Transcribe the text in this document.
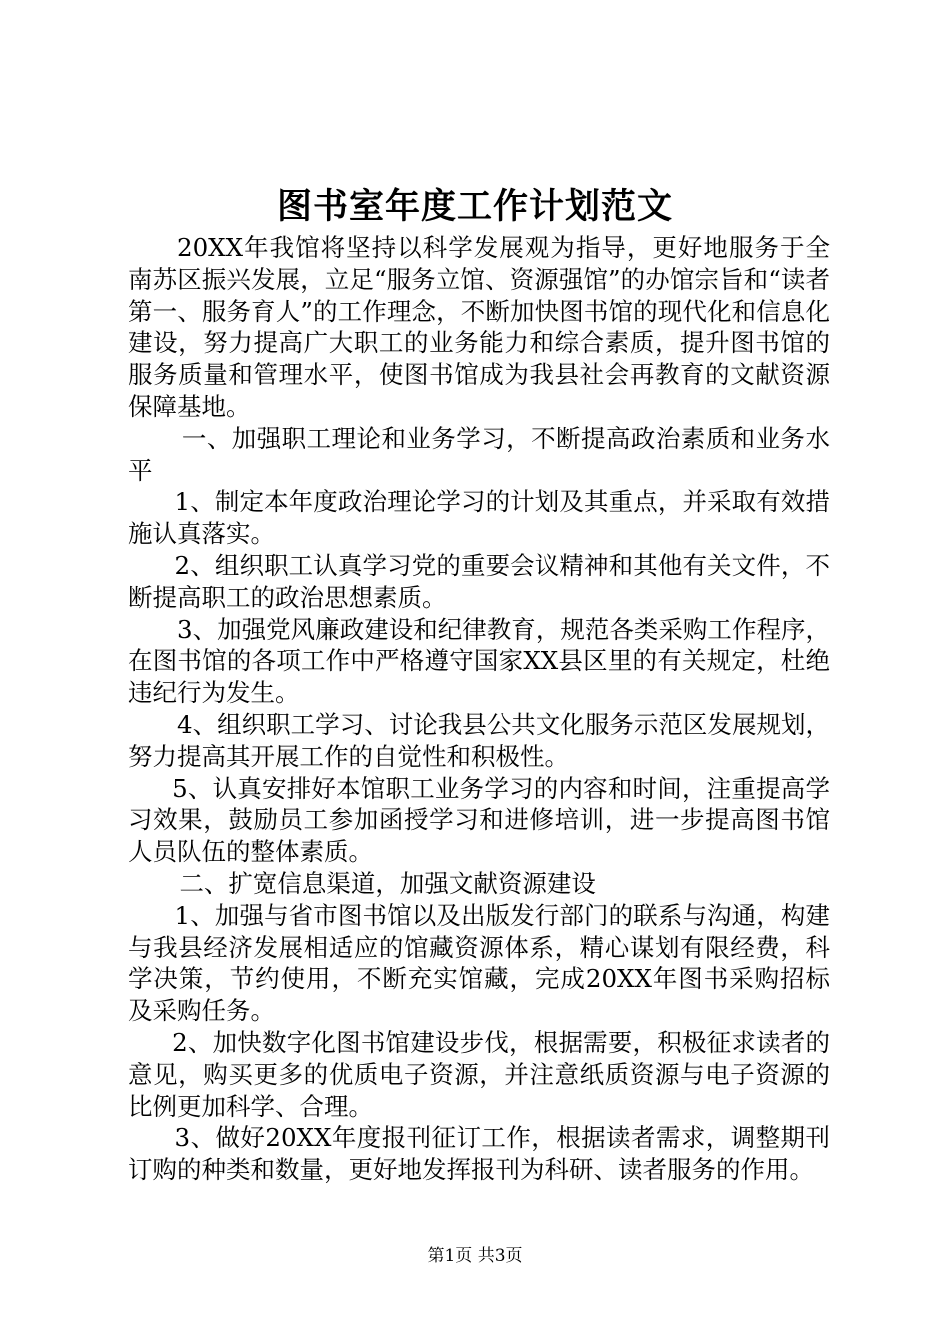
图书室年度工作计划范文

20XX年我馆将坚持以科学发展观为指导，更好地服务于全南苏区振兴发展，立足“服务立馆、资源强馆”的办馆宗旨和“读者第一、服务育人”的工作理念，不断加快图书馆的现代化和信息化建设，努力提高广大职工的业务能力和综合素质，提升图书馆的服务质量和管理水平，使图书馆成为我县社会再教育的文献资源保障基地。

一、加强职工理论和业务学习，不断提高政治素质和业务水平

1、制定本年度政治理论学习的计划及其重点，并采取有效措施认真落实。

2、组织职工认真学习党的重要会议精神和其他有关文件，不断提高职工的政治思想素质。

3、加强党风廉政建设和纪律教育，规范各类采购工作程序，在图书馆的各项工作中严格遵守国家XX县区里的有关规定，杜绝违纪行为发生。

4、组织职工学习、讨论我县公共文化服务示范区发展规划，努力提高其开展工作的自觉性和积极性。

5、认真安排好本馆职工业务学习的内容和时间，注重提高学习效果，鼓励员工参加函授学习和进修培训，进一步提高图书馆人员队伍的整体素质。

二、扩宽信息渠道，加强文献资源建设

1、加强与省市图书馆以及出版发行部门的联系与沟通，构建与我县经济发展相适应的馆藏资源体系，精心谋划有限经费，科学决策，节约使用，不断充实馆藏，完成20XX年图书采购招标及采购任务。

2、加快数字化图书馆建设步伐，根据需要，积极征求读者的意见，购买更多的优质电子资源，并注意纸质资源与电子资源的比例更加科学、合理。

3、做好20XX年度报刊征订工作，根据读者需求，调整期刊订购的种类和数量，更好地发挥报刊为科研、读者服务的作用。

第1页 共3页
